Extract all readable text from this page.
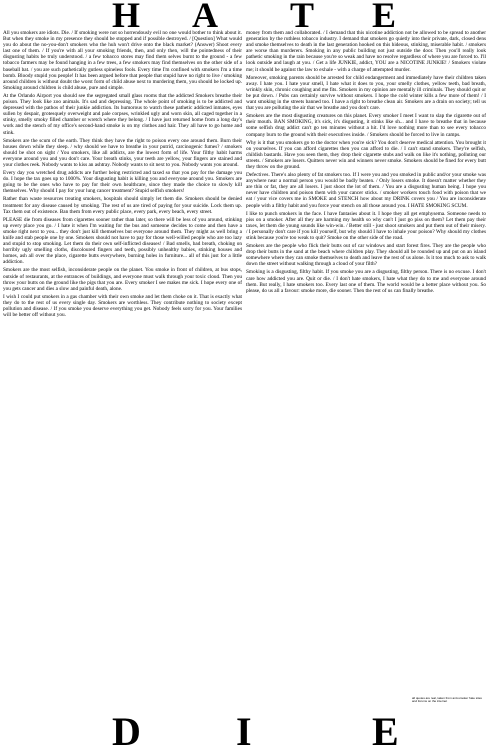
H A T E

All you smokers are idiots. Die. / If smoking were not so horrendously evil no one would bother to think about it. But when they smoke in my presence they should be stopped and if possible destroyed. / [Question] What would you do about the no-you-don't smokers who the huh won't drive onto the black market? (Answer) Shoot every last one of them. / If you're with all your smoking friends, then, and only then, will the pointedness of their disgusting habits be truly understood. / a few tobacco stores may find them selves burnt to the ground - a few tobacco farmers may be found hanging in a few trees, a few smokers may find themselves on the other side of a baseball bat. / you are such pathetically gutless spineless fools. Every time I'm confined with smokers I'm a time bomb. Bloody stupid you people! It has been argued before that people that stupid have no right to live / smoking around children is without doubt the worst form of child abuse next to murdering them, you should be locked up. Smoking around children is child abuse, pure and simple.

At the Orlando Airport you should see the segregated small glass rooms that the addicted Smokers breathe their poison. They look like zoo animals. It's sad and depressing. The whole point of smoking is to be addicted and depressed with the pathos of their junkie addiction. Its humorous to watch these pathetic addicted inmates, eyes sullen by despair, grotesquely overweight and pale corpses, wrinkled ugly and worn skin, all caged together in a stinky, smelly smoky filled chamber or wretch where they belong. / I have just returned home from a long day's work and the stench of my office's second-hand smoke is on my clothes and hair. They all have to go home and stink.

Smokers are the scum of the earth. They think they have the right to poison every one around them. Burn their houses down while they sleep. / why should we have to breathe in your putrid, carcinogenic fumes? / smokers should be shot on sight / You smokers, like all addicts, are the lowest form of life. Your filthy habit harms everyone around you and you don't care. Your breath stinks, your teeth are yellow, your fingers are stained and your clothes reek. Nobody wants to kiss an ashtray. Nobody wants to sit next to you. Nobody wants you around.

Every day you wretched drug addicts are further being restricted and taxed so that you pay for the damage you do. I hope the tax goes up to 1000%. Your disgusting habit is killing you and everyone around you. Smokers are going to be the ones who have to pay for their own healthcare, since they made the choice to slowly kill themselves. Why should I pay for your lung cancer treatment? Stupid selfish smokers!

Rather than waste resources treating smokers, hospitals should simply let them die. Smokers should be denied treatment for any disease caused by smoking. The rest of us are tired of paying for your suicide. Lock them up. Tax them out of existence. Ban them from every public place, every park, every beach, every street.

PLEASE die from diseases from cigarettes sooner rather than later, so there will be less of you around, stinking up every place you go. / I hate it when I'm waiting for the bus and someone decides to come and then have a smoke right next to you... they don't just kill themselves but everyone around them. They might as well bring a knife and stab people one by one. Smokers should not have to pay for those well-willed people who are too lazy and stupid to stop smoking. Let them do their own self-inflicted diseases! / Bad smells, bad breath, choking on horribly ugly smelling cloths, discoloured fingers and teeth, possibly unhealthy babies, stinking houses and homes, ash all over the place, cigarette butts everywhere, burning holes in furniture... all of this just for a little addiction.

Smokers are the most selfish, inconsiderate people on the planet. You smoke in front of children, at bus stops, outside of restaurants, at the entrances of buildings, and everyone must walk through your toxic cloud. Then you throw your butts on the ground like the pigs that you are. Every smoker I see makes me sick. I hope every one of you gets cancer and dies a slow and painful death, alone.

I wish I could put smokers in a gas chamber with their own smoke and let them choke on it. That is exactly what they do to the rest of us every single day. Smokers are worthless. They contribute nothing to society except pollution and disease. / If you smoke you deserve everything you get. Nobody feels sorry for you. Your families will be better off without you.

money from them and collaborated. / I demand that this nicotine addiction not be allowed to be spread to another generation by the ruthless tobacco industry. I demand that smokers go quietly into their private, dark, closed dens and smoke themselves to death in the last generation hooked on this hideous, stinking, miserable habit. / smokers are worse than murderers. Smoking in any public building not just outside the door. Then you'll really look pathetic smoking in the rain because you're so weak and have no resolve regardless of where you are forced to. I'll look outside and laugh at you. / Get a life JUNKIE, addict, YOU are a NICOTINE JUNKIE! / Smokers violate me; it should be against the law to exhale - with a charge of attempted murder.

Moreover, smoking parents should be arrested for child endangerment and immediately have their children taken away. I hate you. I hate your smell, I hate what it does to you, your smelly clothes, yellow teeth, bad breath, wrinkly skin, chronic coughing and me fits. Smokers in my opinion are mentally ill criminals. They should quit or be put down. / Pubs can certainly survive without smokers. I hope the cold winter kills a few more of them! / I want smoking in the streets banned too. I have a right to breathe clean air. Smokers are a drain on society; tell us that you are polluting the air that we breathe and you don't care.

Smokers are the most disgusting creatures on this planet. Every smoker I meet I want to slap the cigarette out of their mouth. BAN SMOKING, it's sick, it's disgusting, it stinks like sh... and I have to breathe that in because some selfish drug addict can't go ten minutes without a hit. I'd love nothing more than to see every tobacco company burn to the ground with their executives inside. / Smokers should be forced to live in camps.

Why is it that you smokers go to the doctor when you're sick? You don't deserve medical attention. You brought it on yourselves. If you can afford cigarettes then you can afford to die. / I can't stand smokers. They're selfish, childish bastards. Have you seen them, they drop their cigarette stubs and walk on like it's nothing, polluting our streets. / Smokers are losers. Quitters never win and winners never smoke. Smokers should be fined for every butt they throw on the ground.

Defectives. There's also plenty of fat smokers too. If I were you and you smoked in public and/or your smoke was anywhere near a normal person you would be badly beaten. / Only losers smoke. It doesn't matter whether they are thin or fat, they are all losers. I just shoot the lot of them. / You are a disgusting human being. I hope you never have children and poison them with your cancer sticks. / smoker workers touch food with poison that we eat / your vice covers me in SMOKE and STENCH how about my DRINK covers you / You are inconsiderate people with a filthy habit and you force your stench on all those around you. I HATE SMOKING SCUM.

I like to punch smokers in the face. I have fantasies about it. I hope they all get emphysema. Someone needs to piss on a smoker. After all they are harming my health so why can't I just go piss on them? Let them pay their taxes, let them die young sounds like win-win. / Better still - just shoot smokers and put them out of their misery. / I personally don't care if you kill yourself, but why should I have to inhale your poison? Why should my clothes stink because you're too weak to quit? Smoke on the other side of the road.

Smokers are the people who flick their butts out of car windows and start forest fires. They are the people who drop their butts in the sand at the beach where children play. They should all be rounded up and put on an island somewhere where they can smoke themselves to death and leave the rest of us alone. Is it too much to ask to walk down the street without walking through a cloud of your filth?

Smoking is a disgusting, filthy habit. If you smoke you are a disgusting, filthy person. There is no excuse. I don't care how addicted you are. Quit or die. / I don't hate smokers, I hate what they do to me and everyone around them. But really, I hate smokers too. Every last one of them. The world would be a better place without you. So please, do us all a favour: smoke more, die sooner. Then the rest of us can finally breathe.

all quotes are real, taken from anti-smoker hate sites and forums on the internet
D I	E
